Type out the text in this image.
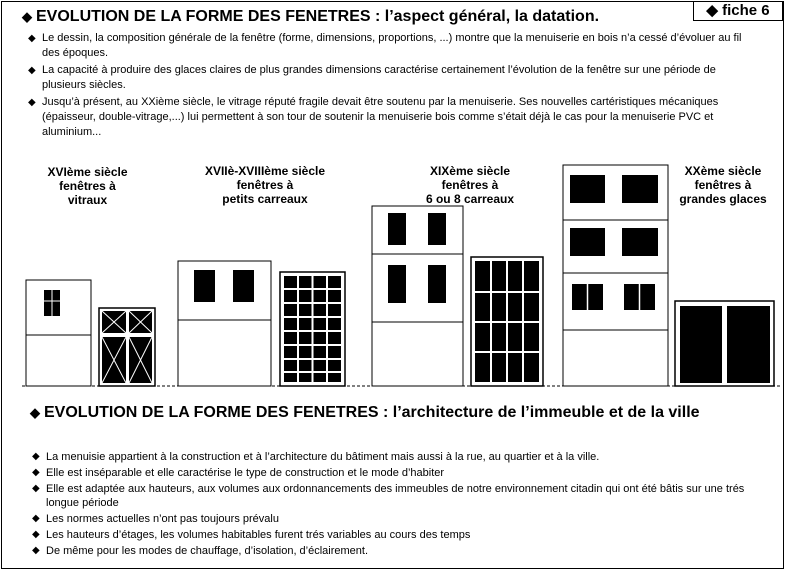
◆ fiche 6
◆ EVOLUTION DE LA FORME DES FENETRES : l’aspect général, la datation.
◆ Le dessin, la composition générale de la fenêtre (forme, dimensions, proportions, ...) montre que la menuiserie en bois n’a cessé d’évoluer au fil des époques.
◆ La capacité à produire des glaces claires de plus grandes dimensions caractérise certainement l’évolution de la fenêtre sur une période de plusieurs siècles.
◆ Jusqu’à présent, au XXième siècle, le vitrage réputé fragile devait être soutenu par la menuiserie. Ses nouvelles cartéristiques mécaniques (épaisseur, double-vitrage,...) lui permettent à son tour de soutenir la menuiserie bois comme s’était déjà le cas pour la menuiserie PVC et aluminium...
XVIème siècle
fenêtres à
vitraux
XVIIè-XVIIIème siècle
fenêtres à
petits carreaux
XIXème siècle
fenêtres à
6 ou 8 carreaux
XXème siècle
fenêtres à
grandes glaces
◆ EVOLUTION DE LA FORME DES FENETRES : l’architecture de l’immeuble et de la ville
◆ La menuisie appartient à la construction et à l’architecture du bâtiment mais aussi à la rue, au quartier et à la ville.
◆ Elle est inséparable et elle caractérise le type de construction et le mode d’habiter
◆ Elle est adaptée aux hauteurs, aux volumes aux ordonnancements des immeubles de notre environnement citadin qui ont été bâtis sur une trés longue période
◆ Les normes actuelles n’ont pas toujours prévalu
◆ Les hauteurs d’étages, les volumes habitables furent trés variables au cours des temps
◆ De même pour les modes de chauffage, d’isolation, d’éclairement.
